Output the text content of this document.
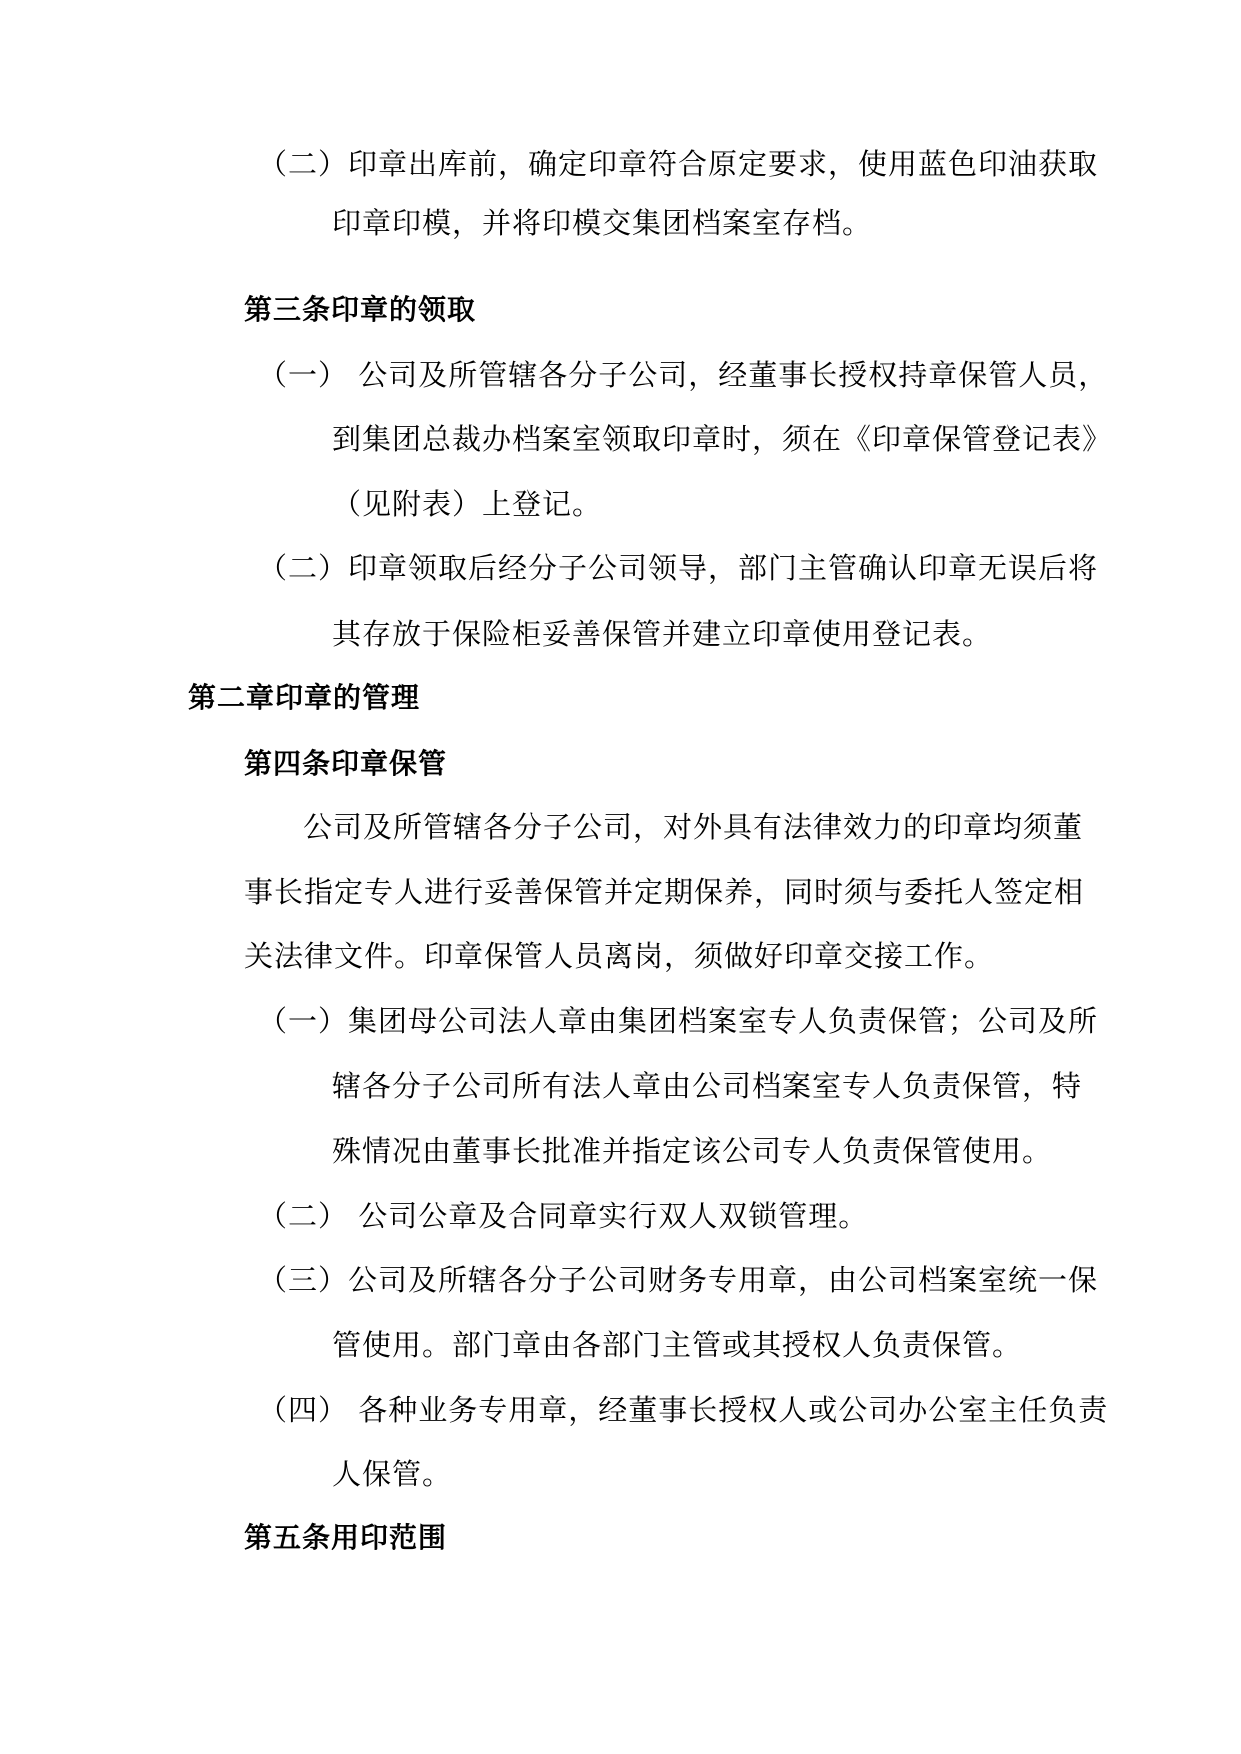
（二）印章出库前，确定印章符合原定要求，使用蓝色印油获取
印章印模，并将印模交集团档案室存档。
第三条印章的领取
（一） 公司及所管辖各分子公司，经董事长授权持章保管人员，
到集团总裁办档案室领取印章时，须在《印章保管登记表》
（见附表）上登记。
（二）印章领取后经分子公司领导，部门主管确认印章无误后将
其存放于保险柜妥善保管并建立印章使用登记表。
第二章印章的管理
第四条印章保管
公司及所管辖各分子公司，对外具有法律效力的印章均须董
事长指定专人进行妥善保管并定期保养，同时须与委托人签定相
关法律文件。印章保管人员离岗，须做好印章交接工作。
（一）集团母公司法人章由集团档案室专人负责保管；公司及所
辖各分子公司所有法人章由公司档案室专人负责保管，特
殊情况由董事长批准并指定该公司专人负责保管使用。
（二） 公司公章及合同章实行双人双锁管理。
（三）公司及所辖各分子公司财务专用章，由公司档案室统一保
管使用。部门章由各部门主管或其授权人负责保管。
（四） 各种业务专用章，经董事长授权人或公司办公室主任负责
人保管。
第五条用印范围
